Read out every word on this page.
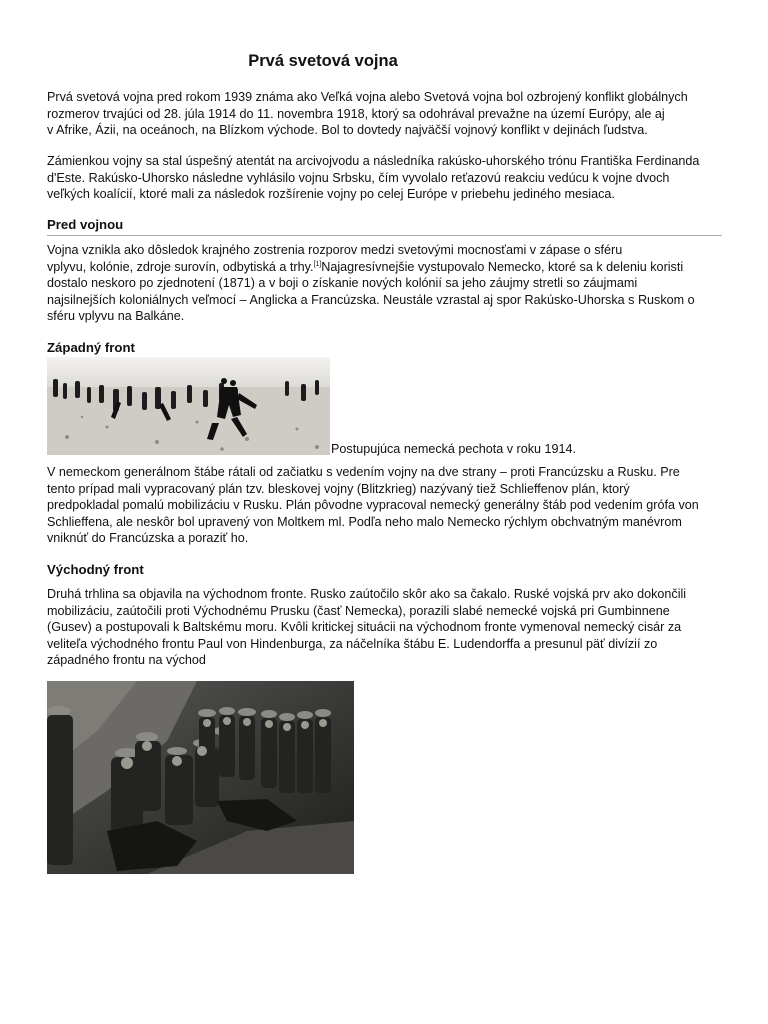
Prvá svetová vojna

Prvá svetová vojna pred rokom 1939 známa ako Veľká vojna alebo Svetová vojna bol ozbrojený konflikt globálnych
rozmerov trvajúci od 28. júla 1914 do 11. novembra 1918, ktorý sa odohrával prevažne na území Európy, ale aj
v Afrike, Ázii, na oceánoch, na Blízkom východe. Bol to dovtedy najväčší vojnový konflikt v dejinách ľudstva.

Zámienkou vojny sa stal úspešný atentát na arcivojvodu a následníka rakúsko-uhorského trónu Františka Ferdinanda
d'Este. Rakúsko-Uhorsko následne vyhlásilo vojnu Srbsku, čím vyvolalo reťazovú reakciu vedúcu k vojne dvoch
veľkých koalícií, ktoré mali za následok rozšírenie vojny po celej Európe v priebehu jediného mesiaca.

Pred vojnou

Vojna vznikla ako dôsledok krajného zostrenia rozporov medzi svetovými mocnosťami v zápase o sféru
vplyvu, kolónie, zdroje surovín, odbytiská a trhy.[1]Najagresívnejšie vystupovalo Nemecko, ktoré sa k deleniu koristi
dostalo neskoro po zjednotení (1871) a v boji o získanie nových kolónií sa jeho záujmy stretli so záujmami
najsilnejších koloniálnych veľmocí – Anglicka a Francúzska. Neustále vzrastal aj spor Rakúsko-Uhorska s Ruskom o
sféru vplyvu na Balkáne.

Západný front
Postupujúca nemecká pechota v roku 1914.

V nemeckom generálnom štábe rátali od začiatku s vedením vojny na dve strany – proti Francúzsku a Rusku. Pre
tento prípad mali vypracovaný plán tzv. bleskovej vojny (Blitzkrieg) nazývaný tiež Schlieffenov plán, ktorý
predpokladal pomalú mobilizáciu v Rusku. Plán pôvodne vypracoval nemecký generálny štáb pod vedením grófa von
Schlieffena, ale neskôr bol upravený von Moltkem ml. Podľa neho malo Nemecko rýchlym obchvatným manévrom
vniknúť do Francúzska a poraziť ho.

Východný front

Druhá trhlina sa objavila na východnom fronte. Rusko zaútočilo skôr ako sa čakalo. Ruské vojská prv ako dokončili
mobilizáciu, zaútočili proti Východnému Prusku (časť Nemecka), porazili slabé nemecké vojská pri Gumbinnene
(Gusev) a postupovali k Baltskému moru. Kvôli kritickej situácii na východnom fronte vymenoval nemecký cisár za
veliteľa východného frontu Paul von Hindenburga, za náčelníka štábu E. Ludendorffa a presunul päť divízií zo
západného frontu na východ
